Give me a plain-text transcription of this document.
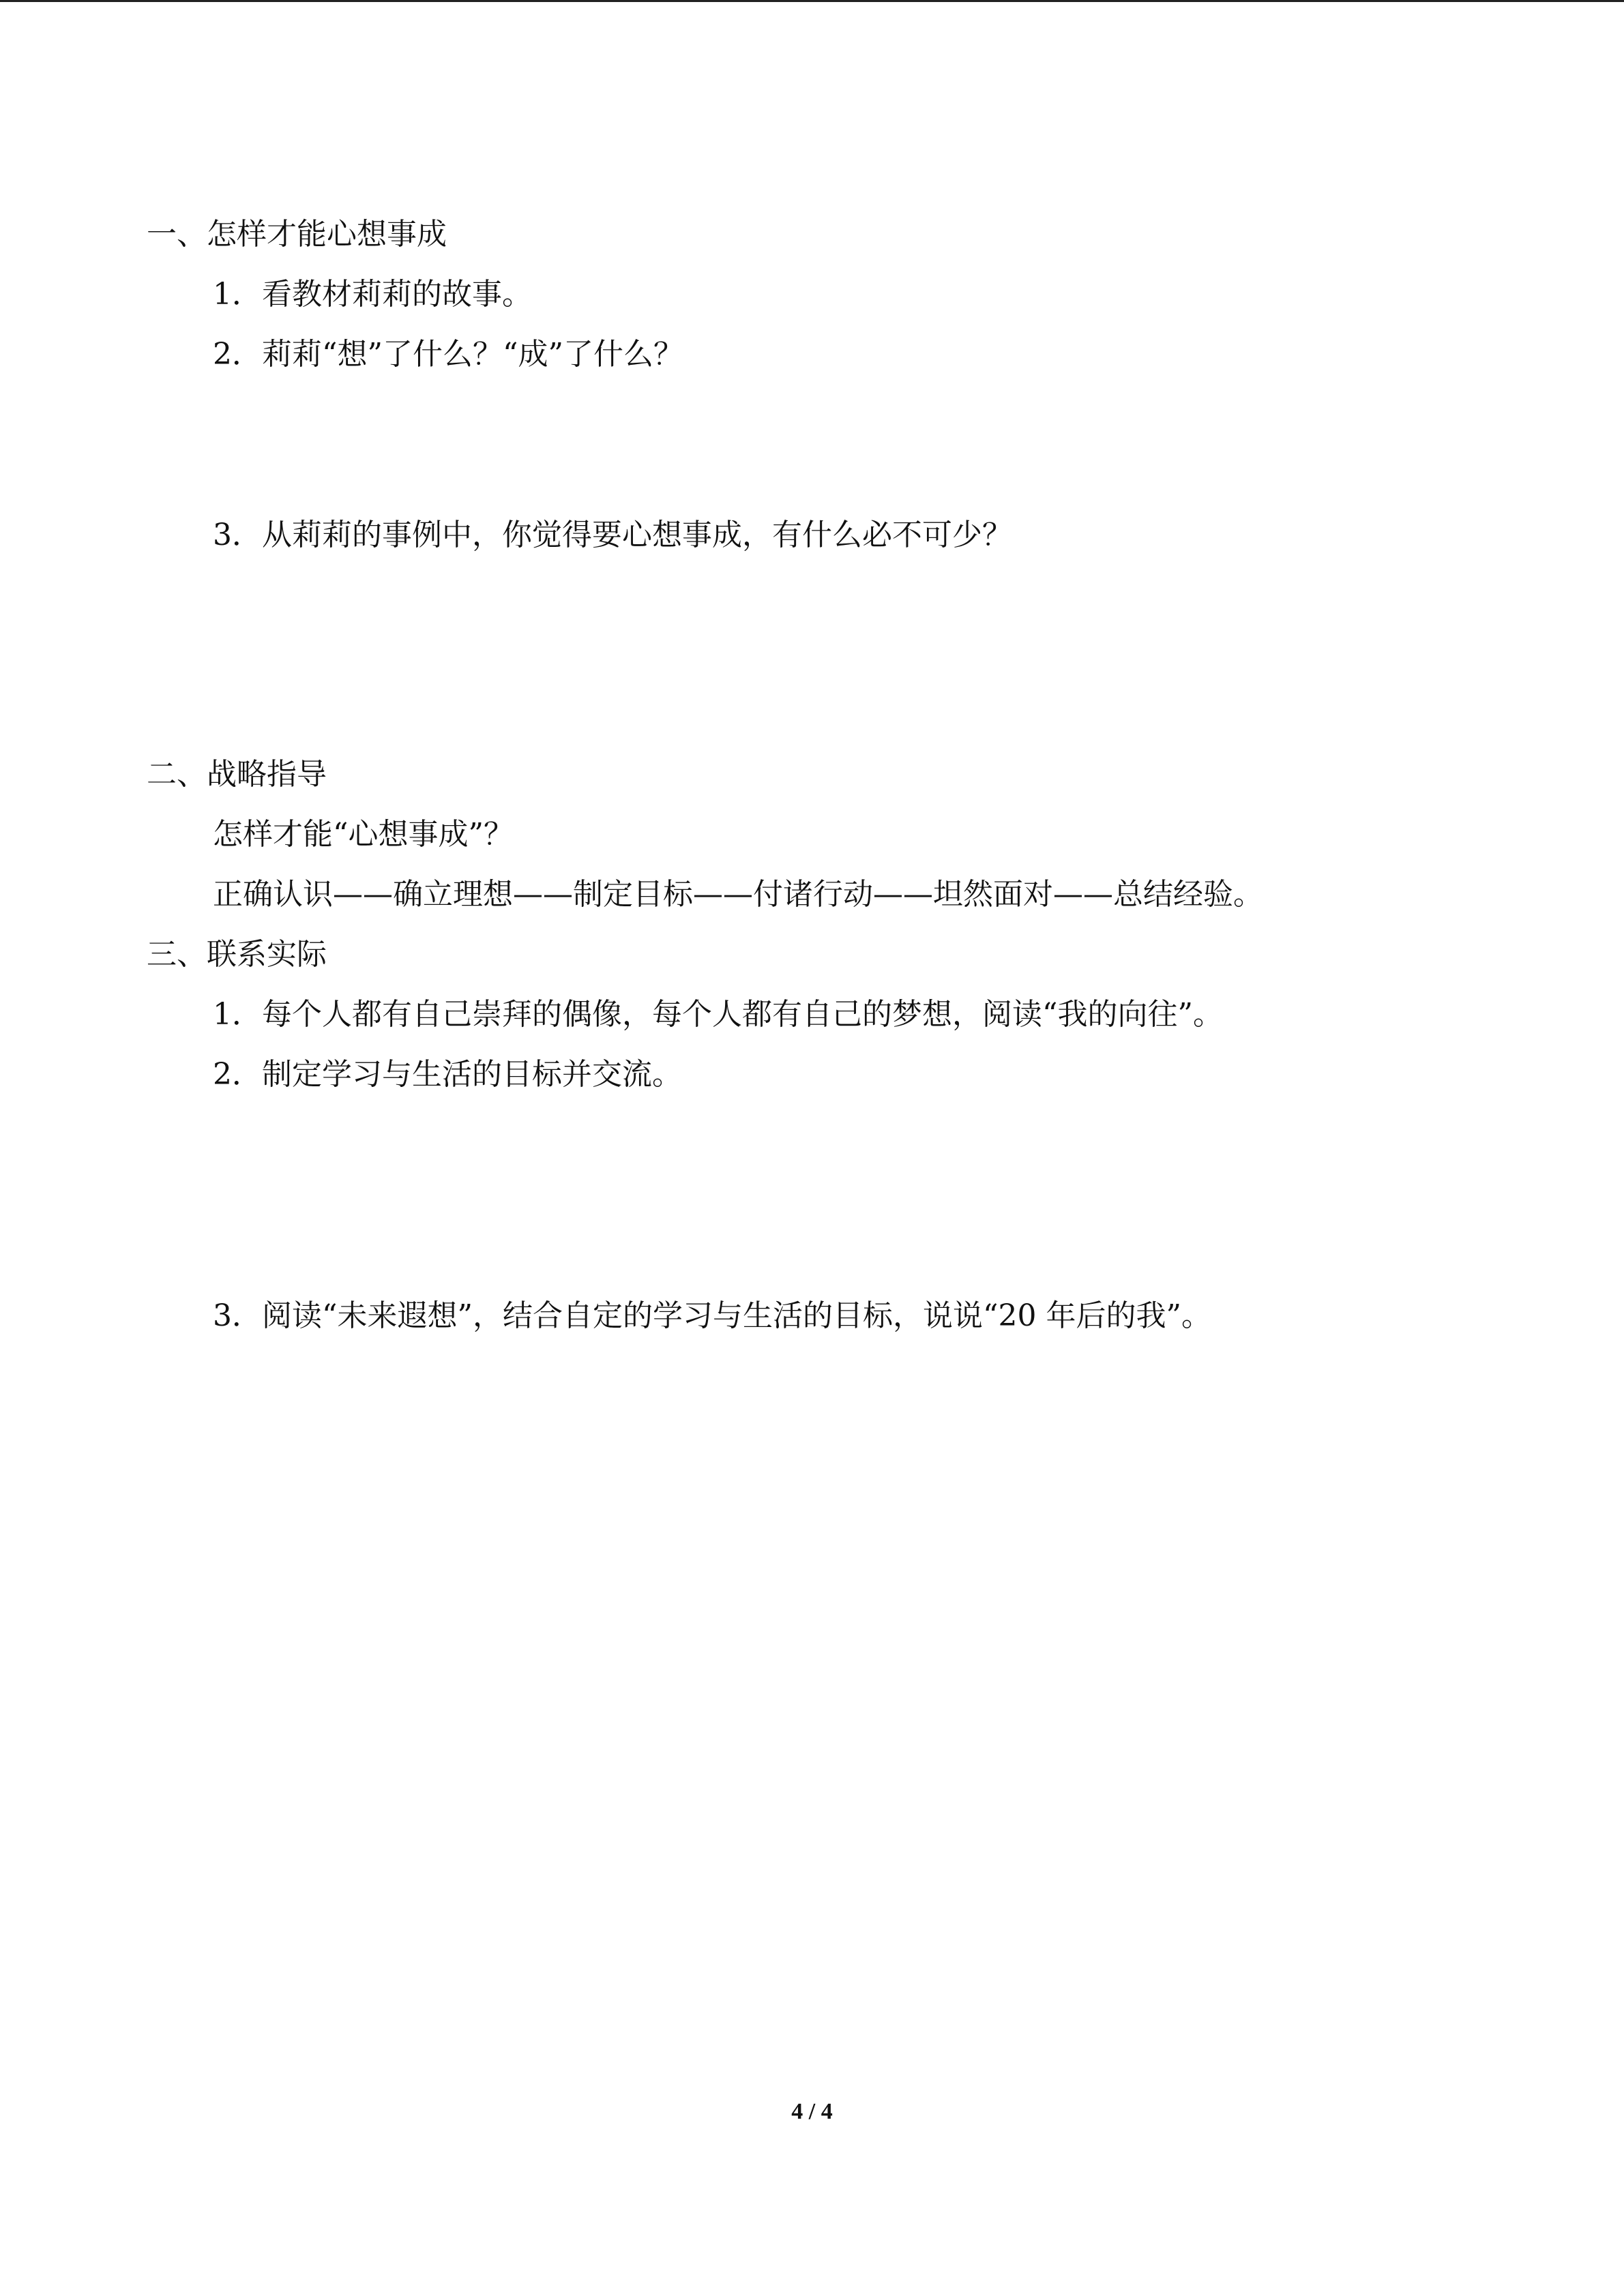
一、怎样才能心想事成
1．看教材莉莉的故事。
2．莉莉“想”了什么？“成”了什么？
3．从莉莉的事例中，你觉得要心想事成，有什么必不可少？
二、战略指导
怎样才能“心想事成”？
正确认识——确立理想——制定目标——付诸行动——坦然面对——总结经验。
三、联系实际
1．每个人都有自己崇拜的偶像，每个人都有自己的梦想，阅读“我的向往”。
2．制定学习与生活的目标并交流。
3．阅读“未来遐想”，结合自定的学习与生活的目标，说说“20 年后的我”。
4 / 4
